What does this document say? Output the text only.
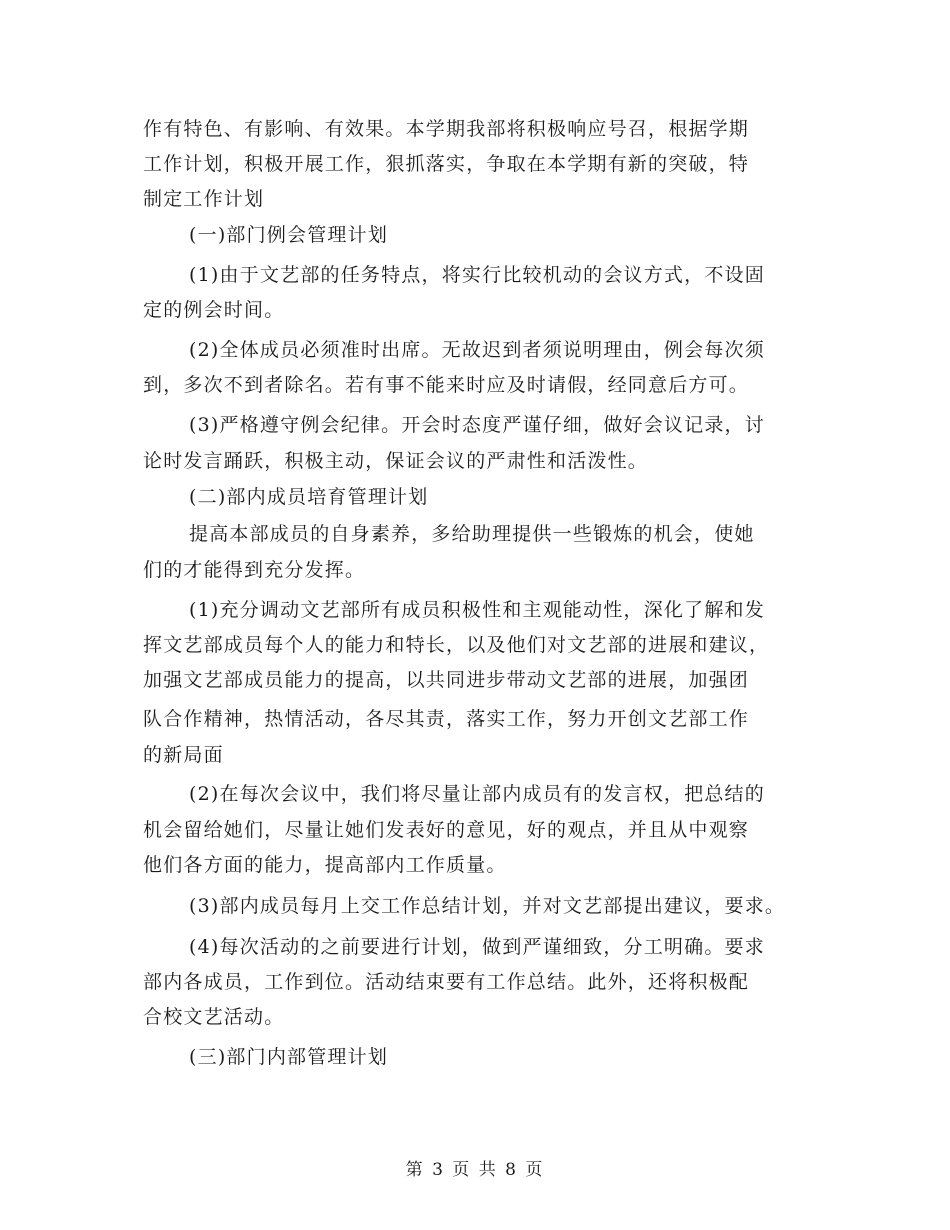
作有特色、有影响、有效果。本学期我部将积极响应号召，根据学期
工作计划，积极开展工作，狠抓落实，争取在本学期有新的突破，特
制定工作计划
(一)部门例会管理计划
(1)由于文艺部的任务特点，将实行比较机动的会议方式，不设固
定的例会时间。
(2)全体成员必须准时出席。无故迟到者须说明理由，例会每次须
到，多次不到者除名。若有事不能来时应及时请假，经同意后方可。
(3)严格遵守例会纪律。开会时态度严谨仔细，做好会议记录，讨
论时发言踊跃，积极主动，保证会议的严肃性和活泼性。
(二)部内成员培育管理计划
提高本部成员的自身素养，多给助理提供一些锻炼的机会，使她
们的才能得到充分发挥。
(1)充分调动文艺部所有成员积极性和主观能动性，深化了解和发
挥文艺部成员每个人的能力和特长，以及他们对文艺部的进展和建议，
加强文艺部成员能力的提高，以共同进步带动文艺部的进展，加强团
队合作精神，热情活动，各尽其责，落实工作，努力开创文艺部工作
的新局面
(2)在每次会议中，我们将尽量让部内成员有的发言权，把总结的
机会留给她们，尽量让她们发表好的意见，好的观点，并且从中观察
他们各方面的能力，提高部内工作质量。
(3)部内成员每月上交工作总结计划，并对文艺部提出建议，要求。
(4)每次活动的之前要进行计划，做到严谨细致，分工明确。要求
部内各成员，工作到位。活动结束要有工作总结。此外，还将积极配
合校文艺活动。
(三)部门内部管理计划
第 3 页 共 8 页
